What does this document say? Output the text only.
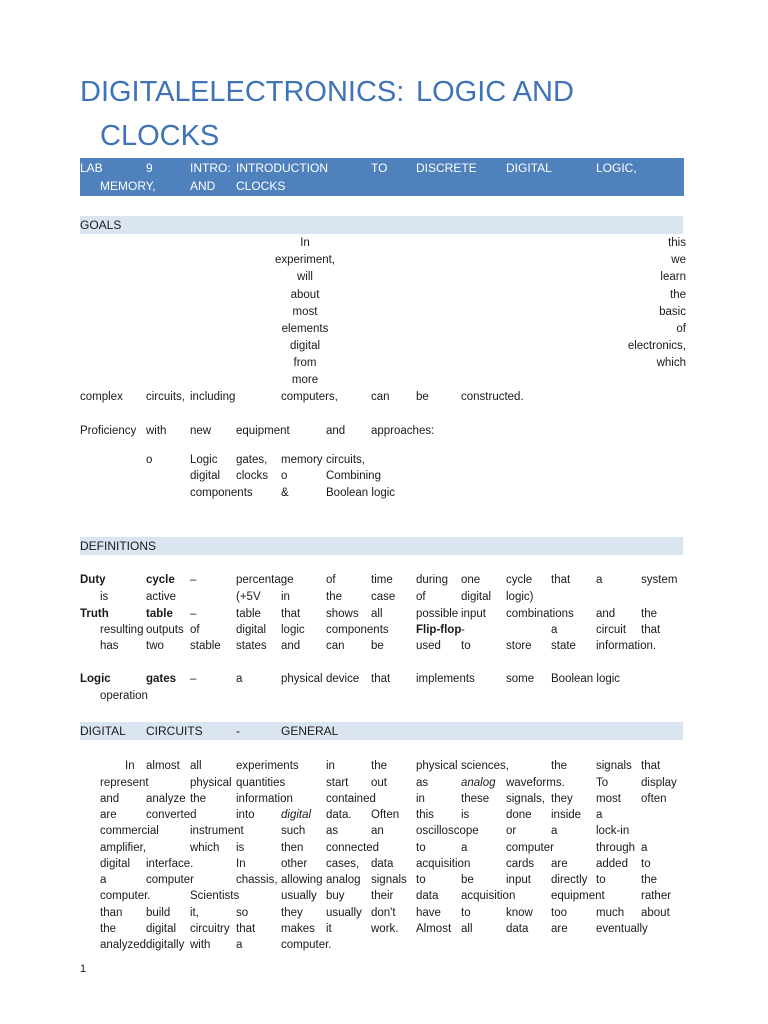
DIGITAL ELECTRONICS: LOGIC AND
CLOCKS
LAB	9	INTRO: INTRODUCTION	TO DISCRETE DIGITAL	LOGIC,
MEMORY,	AND CLOCKS
GOALS
DEFINITIONS
DIGITAL CIRCUITS	-	GENERAL
In
experiment,
will
about
most
elements
digital
from
more
this
we
learn
the
basic
of
electronics,
which
complex circuits, including	computers,	can be	constructed.
Proficiency with new equipment	and approaches:
o	Logic gates, memory circuits,
digital clocks o	Combining
components &	Boolean logic
Duty	cycle –	percentage	of	time during one cycle that a	system
is	active	(+5V in	the	case of	digital logic)
Truth	table –	table that shows all	possible input combinations and the
resulting outputs of	digital logic components Flip-flop -	a	circuit that
has two stable states and can be	used to	store state information.
Logic	gates –	a	physical device that implements	some Boolean logic
operation
In almost all	experiments in	the	physical sciences,	the	signals that
represent	physical quantities	start out	as	analog waveforms.	To	display
and analyze the	information	contained	in	these signals, they most often
are	converted	into digital data. Often this is	done inside a
commercial	instrument	such as	an	oscilloscope or	a	lock-in
amplifier,	which is	then connected	to	a	computer	through a
digital interface.	In	other cases, data acquisition	cards are added to
a	computer	chassis, allowing analog signals to	be	input directly to	the
computer.	Scientists	usually buy their data acquisition	equipment	rather
than build it,	so	they usually don't have to	know too	much about
the	digital circuitry that makes it	work. Almost all	data are eventually
analyzed digitally with a	computer.
1
